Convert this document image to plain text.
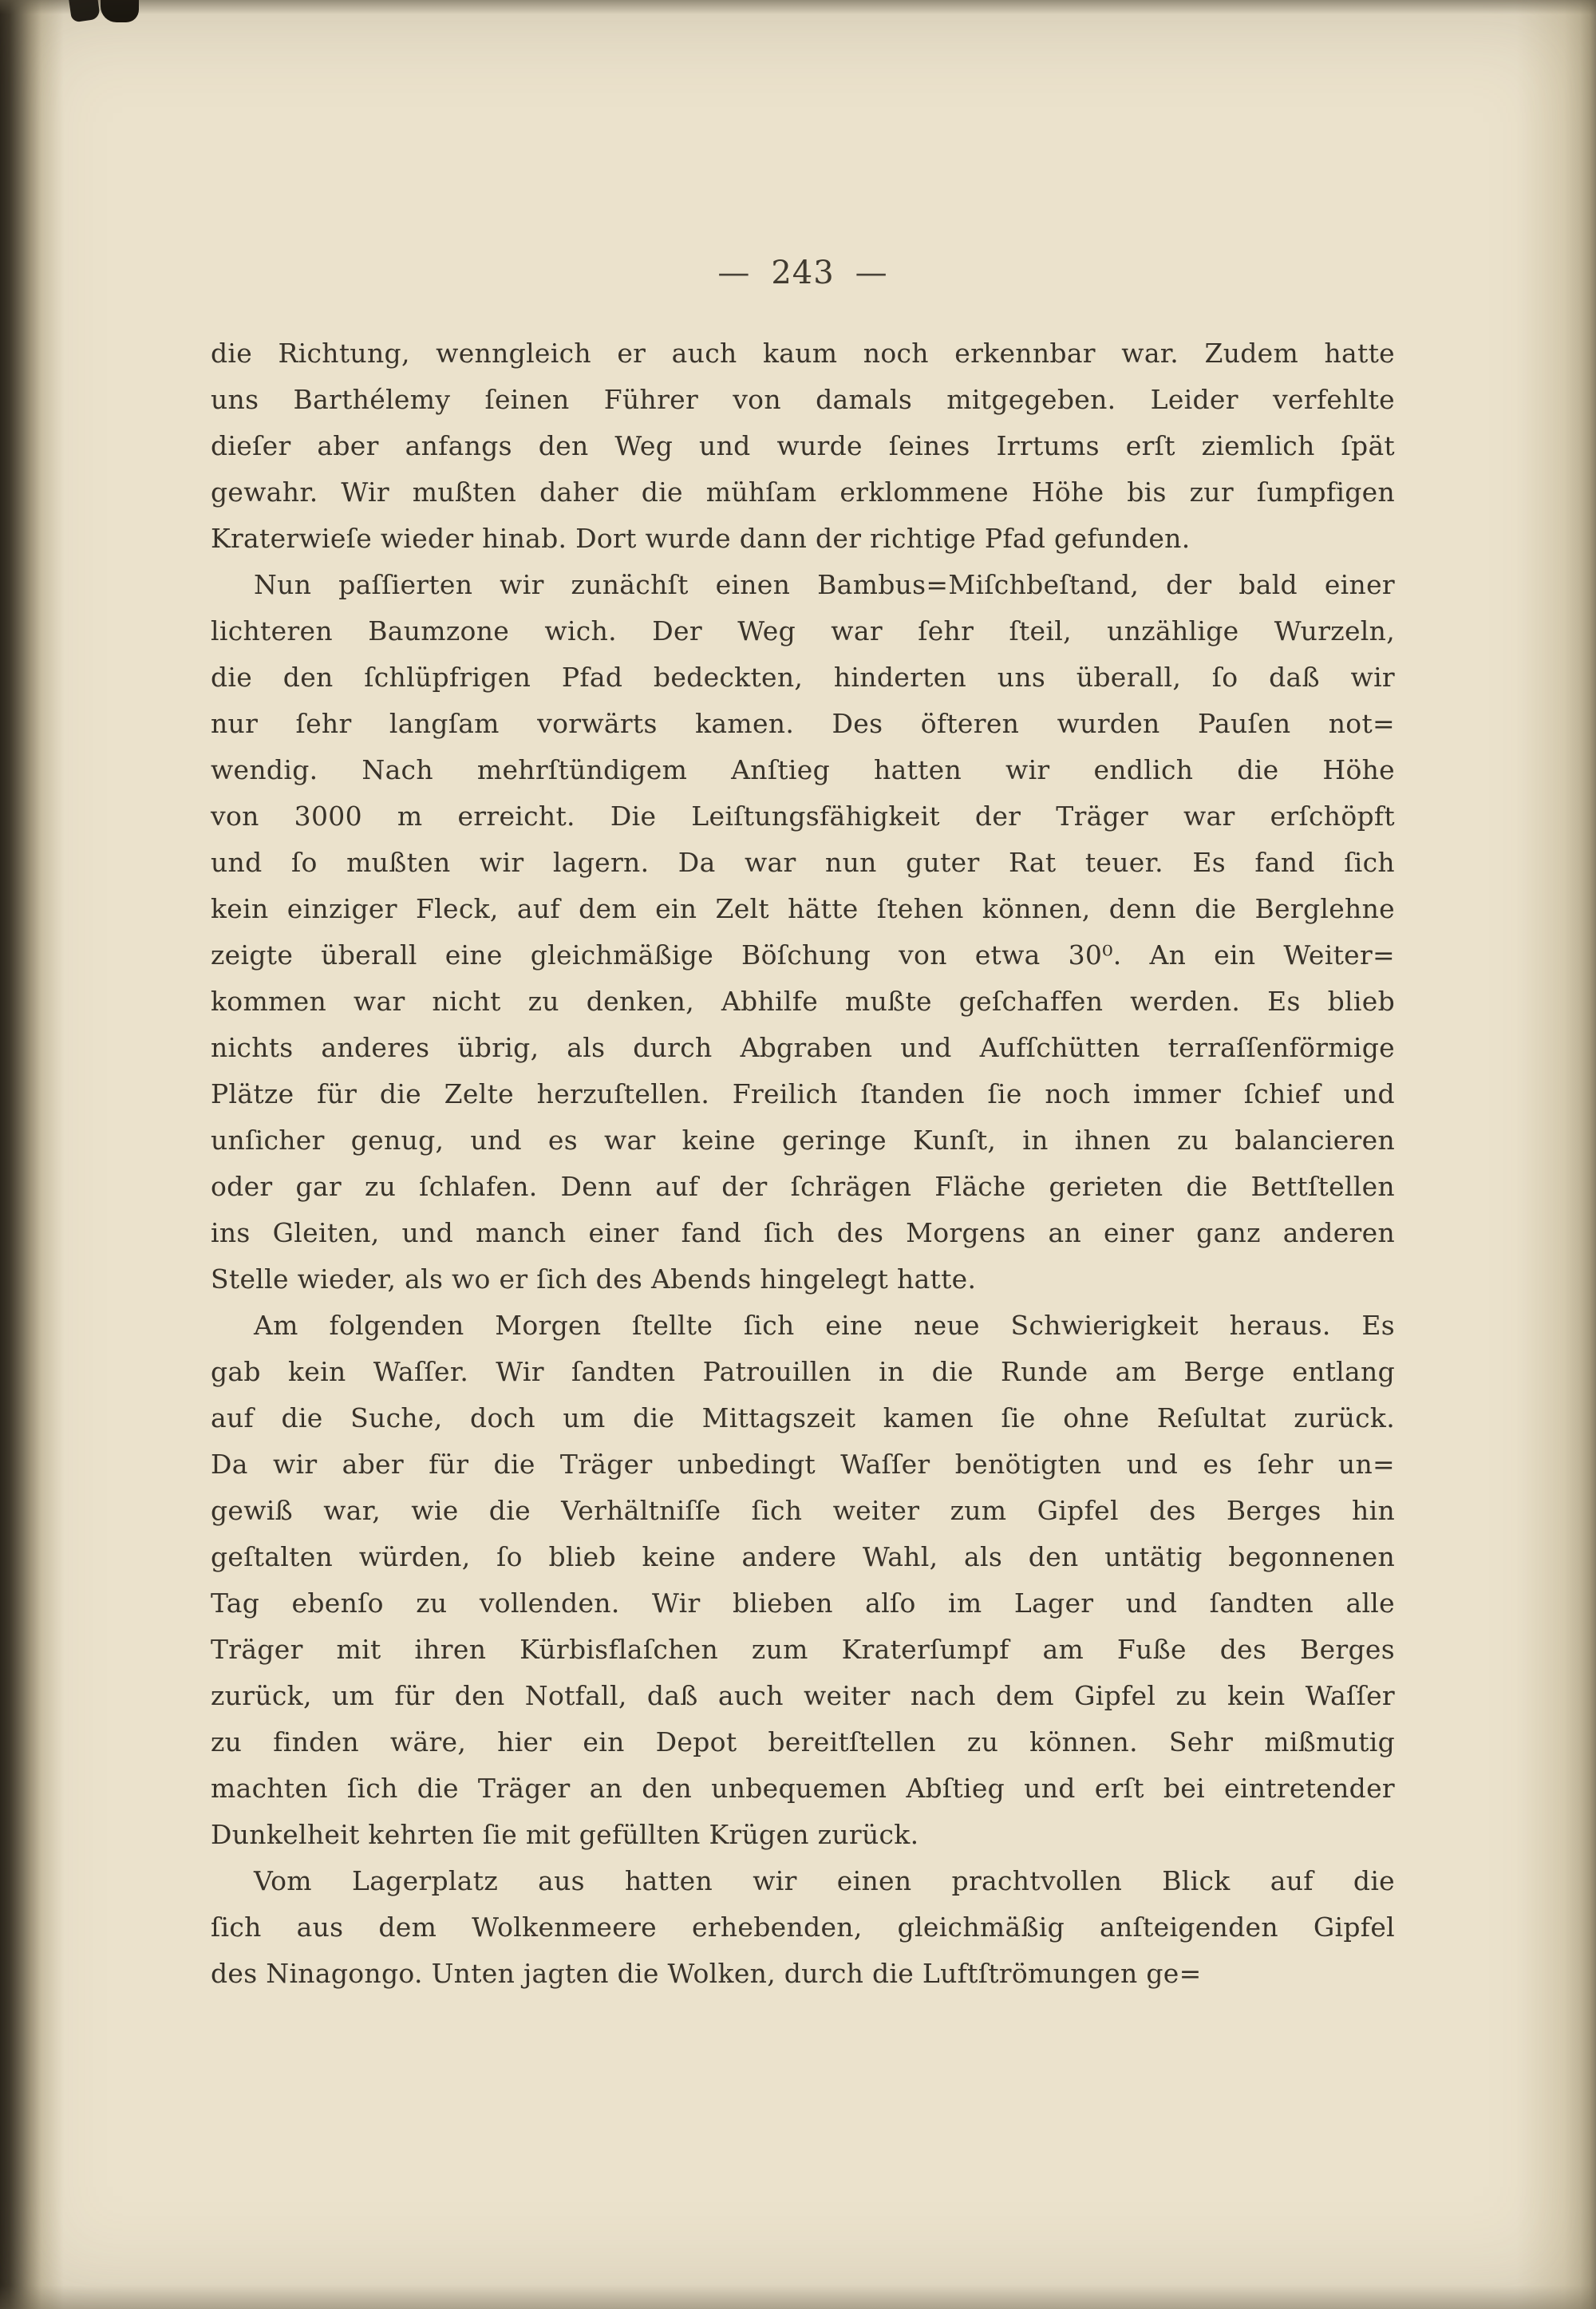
— 243 —
die Richtung, wenngleich er auch kaum noch erkennbar war. Zudem hatte
uns Barthélemy ſeinen Führer von damals mitgegeben. Leider verfehlte
dieſer aber anfangs den Weg und wurde ſeines Irrtums erſt ziemlich ſpät
gewahr. Wir mußten daher die mühſam erklommene Höhe bis zur ſumpfigen
Kraterwieſe wieder hinab. Dort wurde dann der richtige Pfad gefunden.
Nun paſſierten wir zunächſt einen Bambus=Miſchbeſtand, der bald einer
lichteren Baumzone wich. Der Weg war ſehr ſteil, unzählige Wurzeln,
die den ſchlüpfrigen Pfad bedeckten, hinderten uns überall, ſo daß wir
nur ſehr langſam vorwärts kamen. Des öfteren wurden Pauſen not=
wendig. Nach mehrſtündigem Anſtieg hatten wir endlich die Höhe
von 3000 m erreicht. Die Leiſtungsfähigkeit der Träger war erſchöpft
und ſo mußten wir lagern. Da war nun guter Rat teuer. Es fand ſich
kein einziger Fleck, auf dem ein Zelt hätte ſtehen können, denn die Berglehne
zeigte überall eine gleichmäßige Böſchung von etwa 30⁰. An ein Weiter=
kommen war nicht zu denken, Abhilfe mußte geſchaffen werden. Es blieb
nichts anderes übrig, als durch Abgraben und Aufſchütten terraſſenförmige
Plätze für die Zelte herzuſtellen. Freilich ſtanden ſie noch immer ſchief und
unſicher genug, und es war keine geringe Kunſt, in ihnen zu balancieren
oder gar zu ſchlafen. Denn auf der ſchrägen Fläche gerieten die Bettſtellen
ins Gleiten, und manch einer fand ſich des Morgens an einer ganz anderen
Stelle wieder, als wo er ſich des Abends hingelegt hatte.
Am folgenden Morgen ſtellte ſich eine neue Schwierigkeit heraus. Es
gab kein Waſſer. Wir ſandten Patrouillen in die Runde am Berge entlang
auf die Suche, doch um die Mittagszeit kamen ſie ohne Reſultat zurück.
Da wir aber für die Träger unbedingt Waſſer benötigten und es ſehr un=
gewiß war, wie die Verhältniſſe ſich weiter zum Gipfel des Berges hin
geſtalten würden, ſo blieb keine andere Wahl, als den untätig begonnenen
Tag ebenſo zu vollenden. Wir blieben alſo im Lager und ſandten alle
Träger mit ihren Kürbisflaſchen zum Kraterſumpf am Fuße des Berges
zurück, um für den Notfall, daß auch weiter nach dem Gipfel zu kein Waſſer
zu finden wäre, hier ein Depot bereitſtellen zu können. Sehr mißmutig
machten ſich die Träger an den unbequemen Abſtieg und erſt bei eintretender
Dunkelheit kehrten ſie mit gefüllten Krügen zurück.
Vom Lagerplatz aus hatten wir einen prachtvollen Blick auf die
ſich aus dem Wolkenmeere erhebenden, gleichmäßig anſteigenden Gipfel
des Ninagongo. Unten jagten die Wolken, durch die Luftſtrömungen ge=
